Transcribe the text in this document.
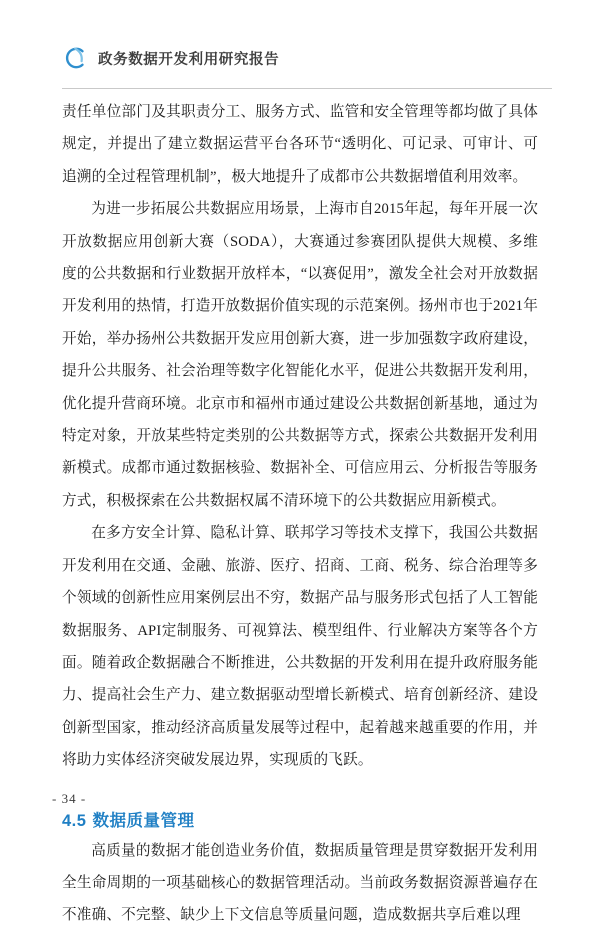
政务数据开发利用研究报告

责任单位部门及其职责分工、服务方式、监管和安全管理等都均做了具体规定，并提出了建立数据运营平台各环节“透明化、可记录、可审计、可追溯的全过程管理机制”，极大地提升了成都市公共数据增值利用效率。

为进一步拓展公共数据应用场景，上海市自2015年起，每年开展一次开放数据应用创新大赛（SODA），大赛通过参赛团队提供大规模、多维度的公共数据和行业数据开放样本，“以赛促用”，激发全社会对开放数据开发利用的热情，打造开放数据价值实现的示范案例。扬州市也于2021年开始，举办扬州公共数据开发应用创新大赛，进一步加强数字政府建设，提升公共服务、社会治理等数字化智能化水平，促进公共数据开发利用，优化提升营商环境。北京市和福州市通过建设公共数据创新基地，通过为特定对象，开放某些特定类别的公共数据等方式，探索公共数据开发利用新模式。成都市通过数据核验、数据补全、可信应用云、分析报告等服务方式，积极探索在公共数据权属不清环境下的公共数据应用新模式。

在多方安全计算、隐私计算、联邦学习等技术支撑下，我国公共数据开发利用在交通、金融、旅游、医疗、招商、工商、税务、综合治理等多个领域的创新性应用案例层出不穷，数据产品与服务形式包括了人工智能数据服务、API定制服务、可视算法、模型组件、行业解决方案等各个方面。随着政企数据融合不断推进，公共数据的开发利用在提升政府服务能力、提高社会生产力、建立数据驱动型增长新模式、培育创新经济、建设创新型国家，推动经济高质量发展等过程中，起着越来越重要的作用，并将助力实体经济突破发展边界，实现质的飞跃。

4.5 数据质量管理

高质量的数据才能创造业务价值，数据质量管理是贯穿数据开发利用全生命周期的一项基础核心的数据管理活动。当前政务数据资源普遍存在不准确、不完整、缺少上下文信息等质量问题，造成数据共享后难以理

- 34 -
